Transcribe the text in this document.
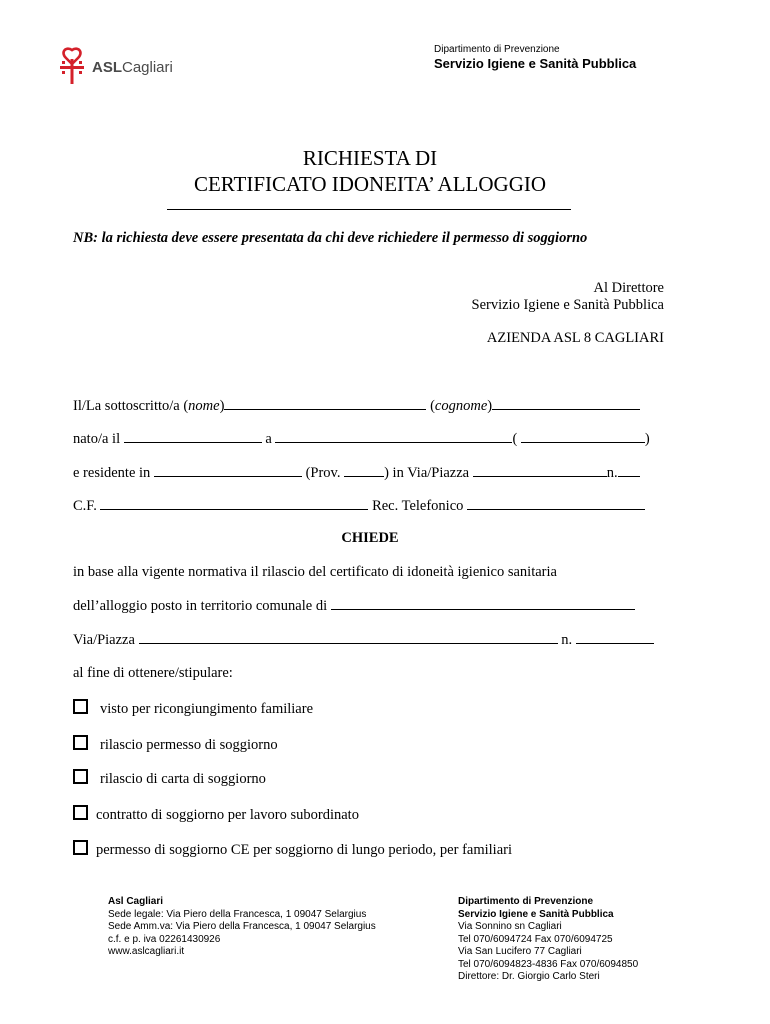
ASLCagliari
Dipartimento di Prevenzione
Servizio Igiene e Sanità Pubblica
RICHIESTA DI
CERTIFICATO IDONEITA’ ALLOGGIO
NB: la richiesta deve essere presentata da chi deve richiedere il permesso di soggiorno
Al Direttore
Servizio Igiene e Sanità Pubblica
AZIENDA ASL 8 CAGLIARI
Il/La sottoscritto/a (nome)	(cognome)
nato/a il	a	(	)
e residente in	(Prov.	) in Via/Piazza	n.
C.F.	Rec. Telefonico
CHIEDE
in base alla vigente normativa il rilascio del certificato di idoneità igienico sanitaria
dell’alloggio posto in territorio comunale di
Via/Piazza	n.
al fine di ottenere/stipulare:
visto per ricongiungimento familiare
rilascio permesso di soggiorno
rilascio di carta di soggiorno
contratto di soggiorno per lavoro subordinato
permesso di soggiorno CE per soggiorno di lungo periodo, per familiari
Asl Cagliari
Sede legale: Via Piero della Francesca, 1 09047 Selargius
Sede Amm.va: Via Piero della Francesca, 1 09047 Selargius
c.f. e p. iva 02261430926
www.aslcagliari.it
Dipartimento di Prevenzione
Servizio Igiene e Sanità Pubblica
Via Sonnino sn Cagliari
Tel 070/6094724 Fax 070/6094725
Via San Lucifero 77 Cagliari
Tel 070/6094823-4836 Fax 070/6094850
Direttore: Dr. Giorgio Carlo Steri
